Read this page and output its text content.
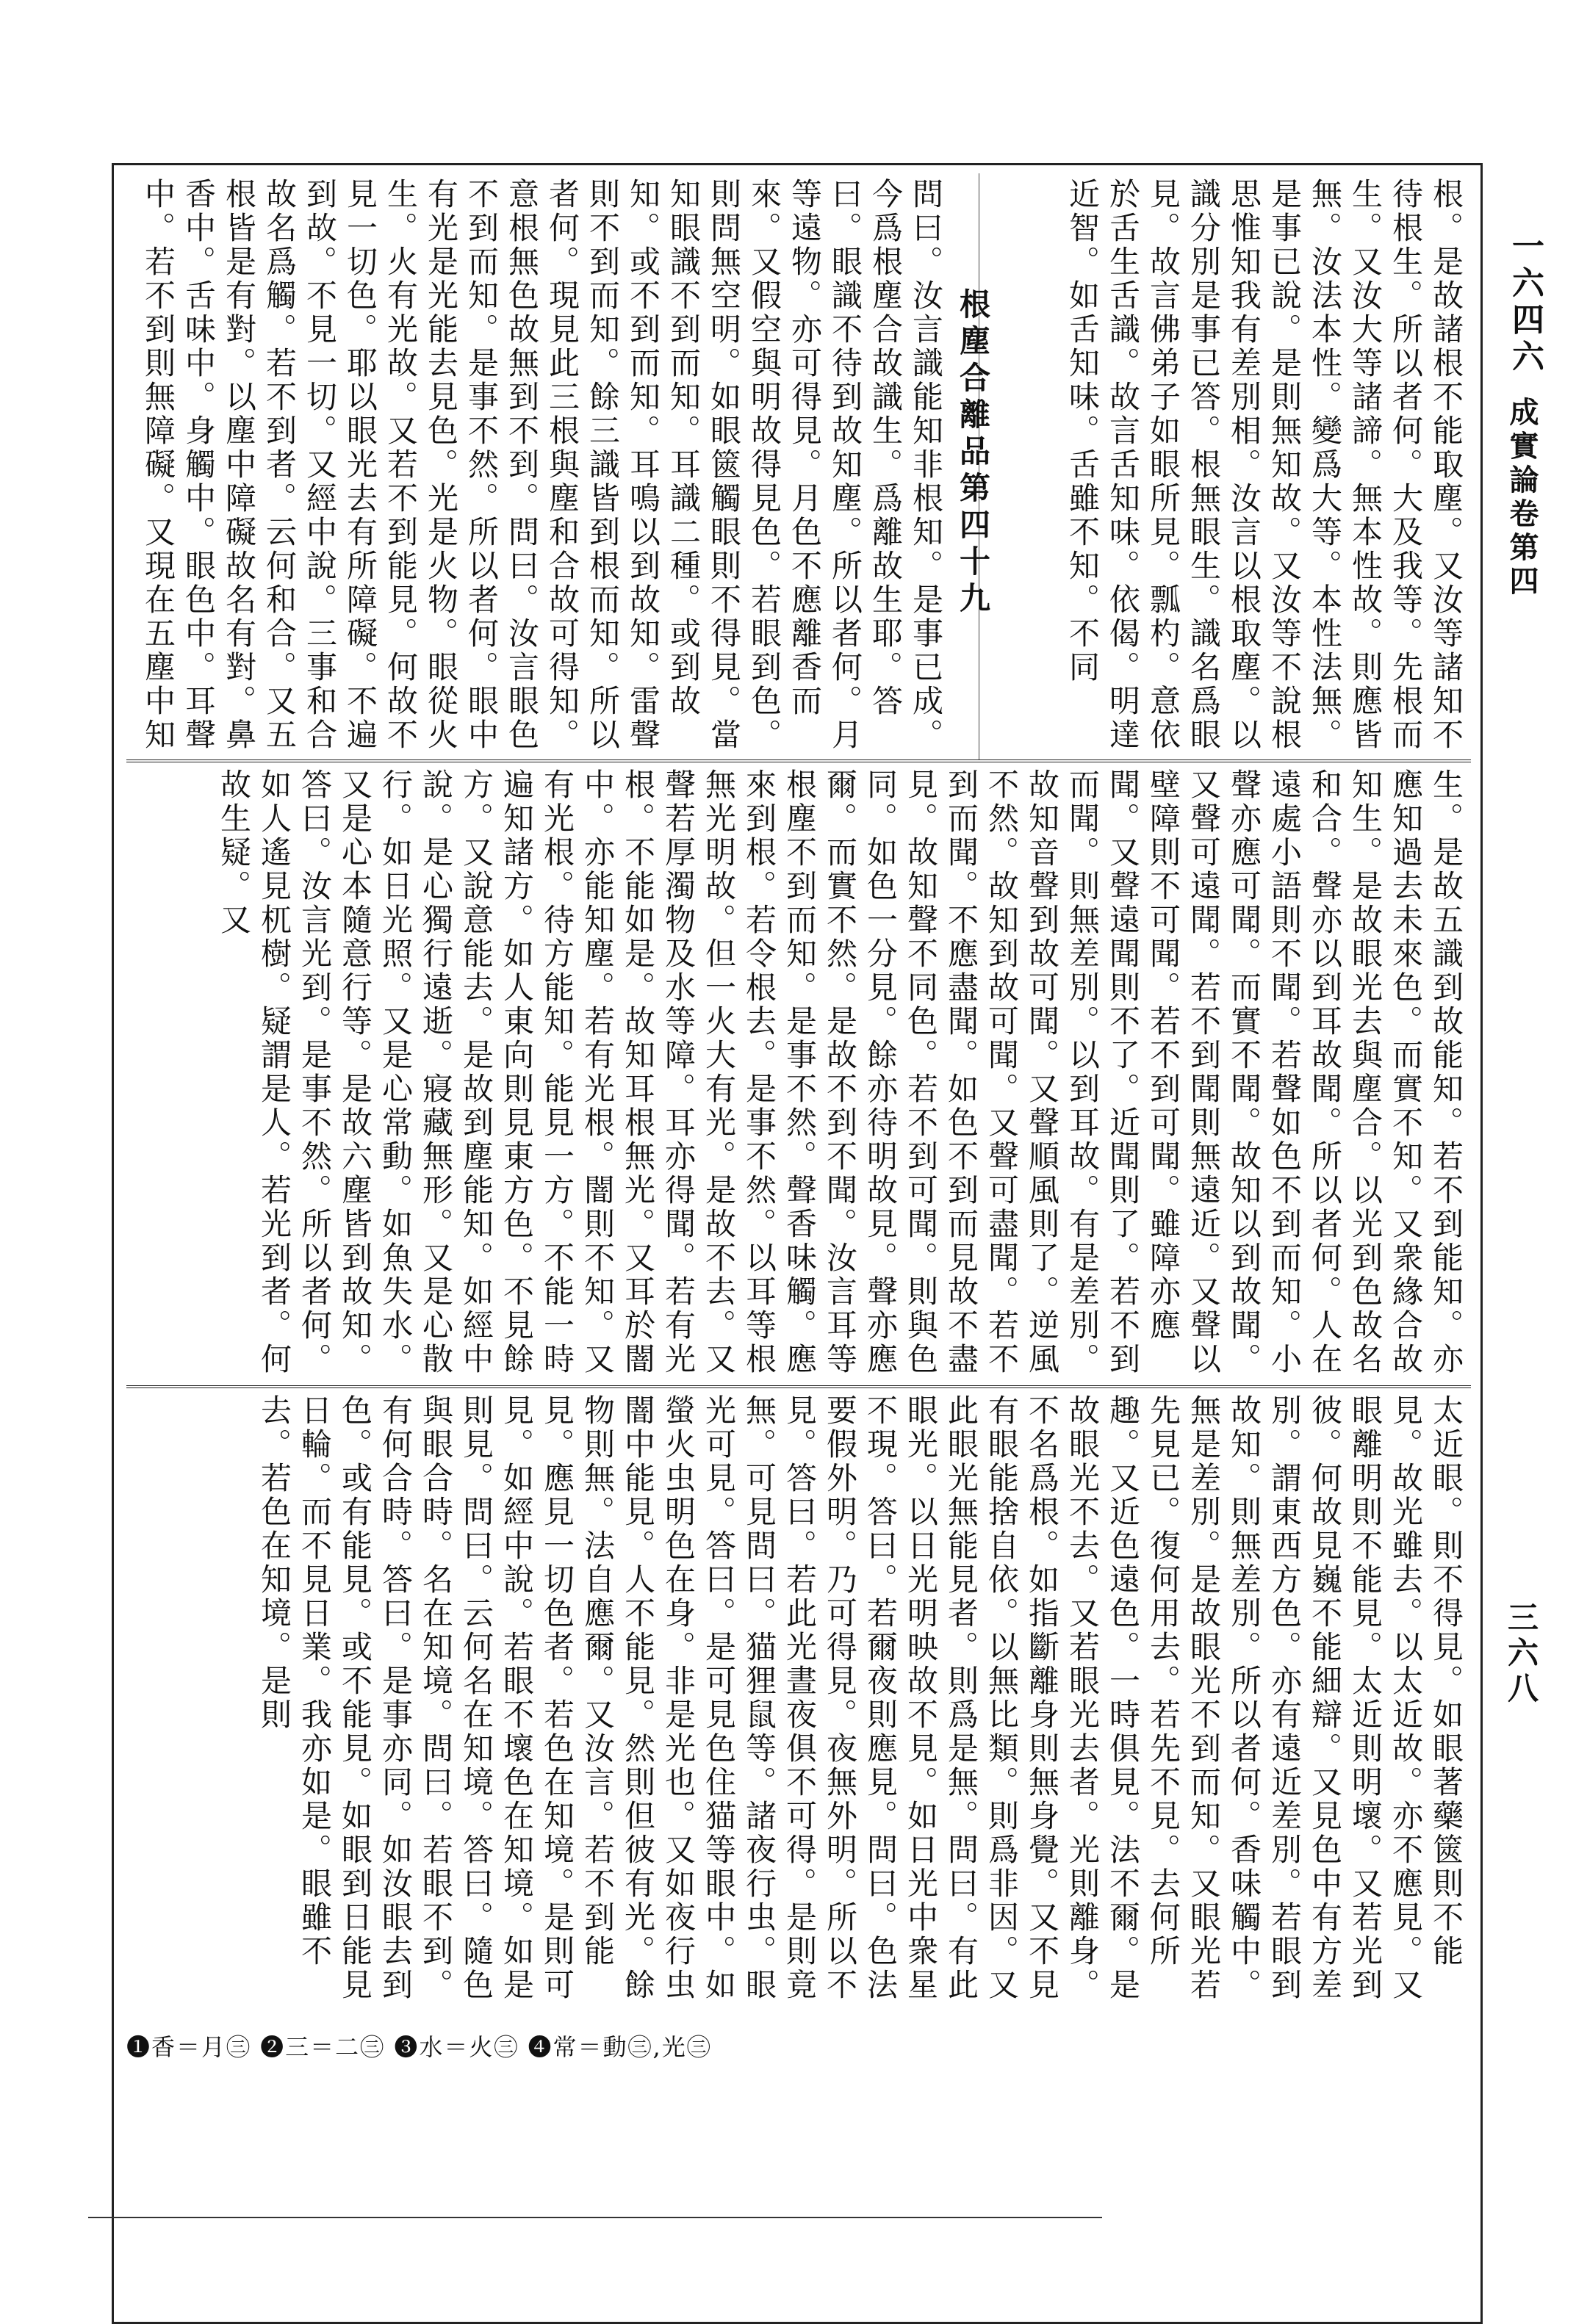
一六四六
成實論卷第四
三六八

根。是故諸根不能取塵。又汝等諸知不待根生。所以者何。大及我等。先根而生。又汝大等諸諦。無本性故。則應皆無。汝法本性。變爲大等。本性法無。是事已說。是則無知故。又汝等不說根思惟知我有差別相。汝言以根取塵。以識分別是事已答。根無眼生。識名爲眼見。故言佛弟子如眼所見。瓢杓。意依於舌生舌識。故言舌知味。依偈。明達近智。如舌知味。舌雖不知。不同

根塵合離品第四十九

問曰。汝言識能知非根知。是事已成。今爲根塵合故識生。爲離故生耶。答曰。眼識不待到故知塵。所以者何。月等遠物。亦可得見。月色不應離香而來。又假空與明故得見色。若眼到色。則問無空明。如眼篋觸眼則不得見。當知眼識不到而知。耳識二種。或到故知。或不到而知。耳鳴以到故知。雷聲則不到而知。餘三識皆到根而知。所以者何。現見此三根與塵和合故可得知。意根無色故無到不到。問曰。汝言眼色不到而知。是事不然。所以者何。眼中有光是光能去見色。光是火物。眼從火生。火有光故。又若不到能見。何故不見一切色。耶以眼光去有所障礙。不遍到故。不見一切。又經中說。三事和合故名爲觸。若不到者。云何和合。又五根皆是有對。以塵中障礙故名有對。鼻香中。舌味中。身觸中。眼色中。耳聲中。若不到則無障礙。又現在五塵中知

生。是故五識到故能知。若不到能知。亦應知過去未來色。而實不知。又衆緣合故知生。是故眼光去與塵合。以光到色故名和合。聲亦以到耳故聞。所以者何。人在遠處小語則不聞。若聲如色不到而知。小聲亦應可聞。而實不聞。故知以到故聞。又聲可遠聞。若不到聞則無遠近。又聲以壁障則不可聞。若不到可聞。雖障亦應聞。又聲遠聞則不了。近聞則了。若不到而聞。則無差別。以到耳故。有是差別。故知音聲到故可聞。又聲順風則了。逆風不然。故知到故可聞。又聲可盡聞。若不到而聞。不應盡聞。如色不到而見故不盡見。故知聲不同色。若不到可聞。則與色同。如色一分見。餘亦待明故見。聲亦應爾。而實不然。是故不到不聞。汝言耳等根塵不到而知。是事不然。聲香味觸。應來到根。若令根去。是事不然。以耳等根無光明故。但一火大有光。是故不去。又聲若厚濁物及水等障。耳亦得聞。若有光根。不能如是。故知耳根無光。又耳於闇中。亦能知塵。若有光根。闇則不知。又有光根。待方能知。能見一方。不能一時遍知諸方。如人東向則見東方色。不見餘方。又說意能去。是故到塵能知。如經中說。是心獨行遠逝。寢藏無形。又是心散行。如日光照。又是心常動。如魚失水。又是心本隨意行等。是故六塵皆到故知。答曰。汝言光到。是事不然。所以者何。如人遙見杌樹。疑謂是人。若光到者。何故生疑。又

太近眼。則不得見。如眼著藥篋則不能見。故光雖去。以太近故。亦不應見。又眼離明則不能見。太近則明壞。又若光到彼。何故見巍不能細辯。又見色中有方差別。謂東西方色。亦有遠近差別。若眼到故知。則無差別。所以者何。香味觸中。無是差別。是故眼光不到而知。又眼光若先見已。復何用去。若先不見。去何所趣。又近色遠色。一時俱見。法不爾。是故眼光不去。又若眼光去者。光則離身。不名爲根。如指斷離身則無身覺。又不見有眼能捨自依。以無比類。則爲非因。又此眼光無能見者。則爲是無。問曰。有此眼光。以日光明映故不見。如日光中衆星不現。答曰。若爾夜則應見。問曰。色法要假外明。乃可得見。夜無外明。所以不見。答曰。若此光晝夜俱不可得。是則竟無。可見問曰。猫狸鼠等。諸夜行虫。眼光可見。答曰。是可見色住猫等眼中。如螢火虫明色在身。非是光也。又如夜行虫闇中能見。人不能見。然則但彼有光。餘物則無。法自應爾。又汝言。若不到能見。應見一切色者。若色在知境。是則可見。如經中說。若眼不壞色在知境。如是則見。問曰。云何名在知境。答曰。隨色與眼合時。名在知境。問曰。若眼不到。有何合時。答曰。是事亦同。如汝眼去到色。或有能見。或不能見。如眼到日能見日輪。而不見日業。我亦如是。眼雖不去。若色在知境。是則

❶香＝月㊂ ❷三＝二㊂ ❸水＝火㊂ ❹常＝動㊂,光㊂
